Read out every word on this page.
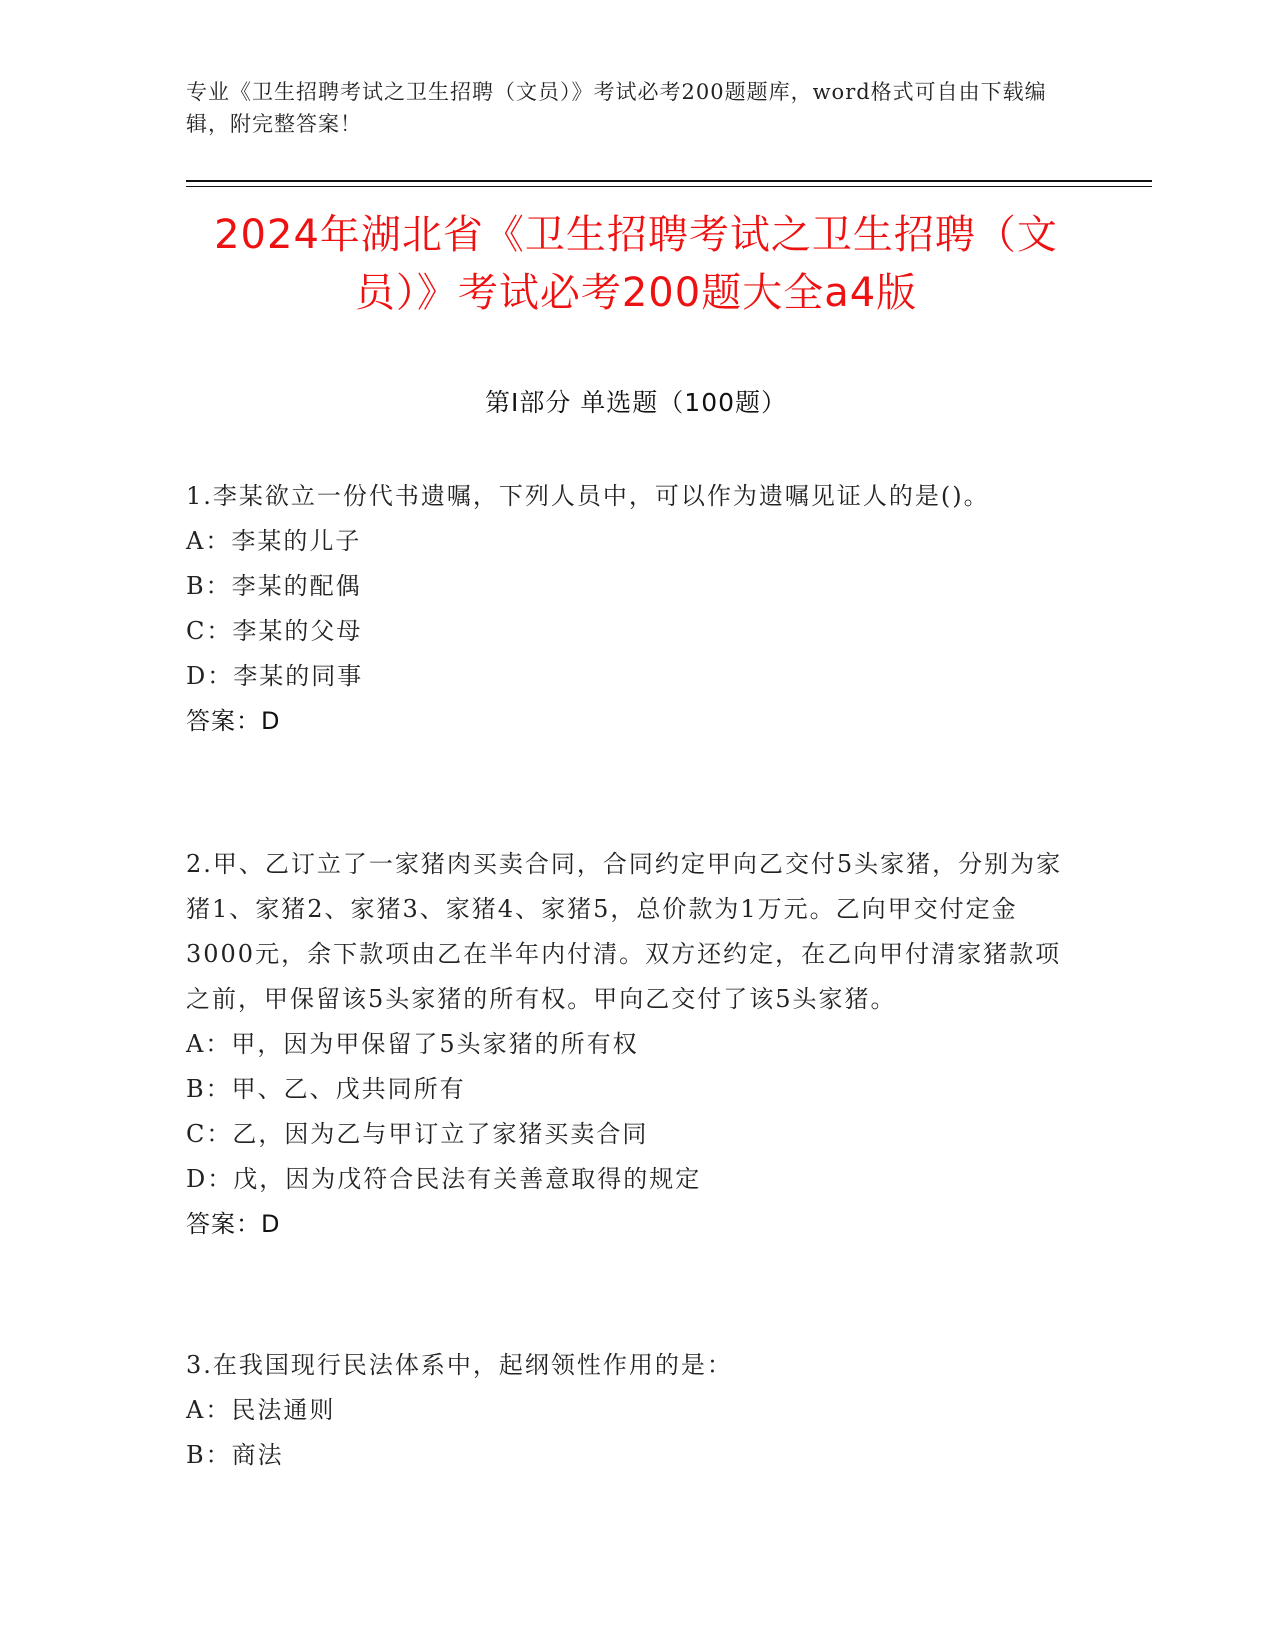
专业《卫生招聘考试之卫生招聘（文员）》考试必考200题题库，word格式可自由下载编辑，附完整答案！
2024年湖北省《卫生招聘考试之卫生招聘（文员）》考试必考200题大全a4版
第I部分 单选题（100题）

1.李某欲立一份代书遗嘱，下列人员中，可以作为遗嘱见证人的是()。

A：李某的儿子

B：李某的配偶

C：李某的父母

D：李某的同事

答案：D

2.甲、乙订立了一家猪肉买卖合同，合同约定甲向乙交付5头家猪，分别为家猪1、家猪2、家猪3、家猪4、家猪5，总价款为1万元。乙向甲交付定金3000元，余下款项由乙在半年内付清。双方还约定，在乙向甲付清家猪款项之前，甲保留该5头家猪的所有权。甲向乙交付了该5头家猪。

A：甲，因为甲保留了5头家猪的所有权

B：甲、乙、戊共同所有

C：乙，因为乙与甲订立了家猪买卖合同

D：戊，因为戊符合民法有关善意取得的规定

答案：D

3.在我国现行民法体系中，起纲领性作用的是：

A：民法通则

B：商法
